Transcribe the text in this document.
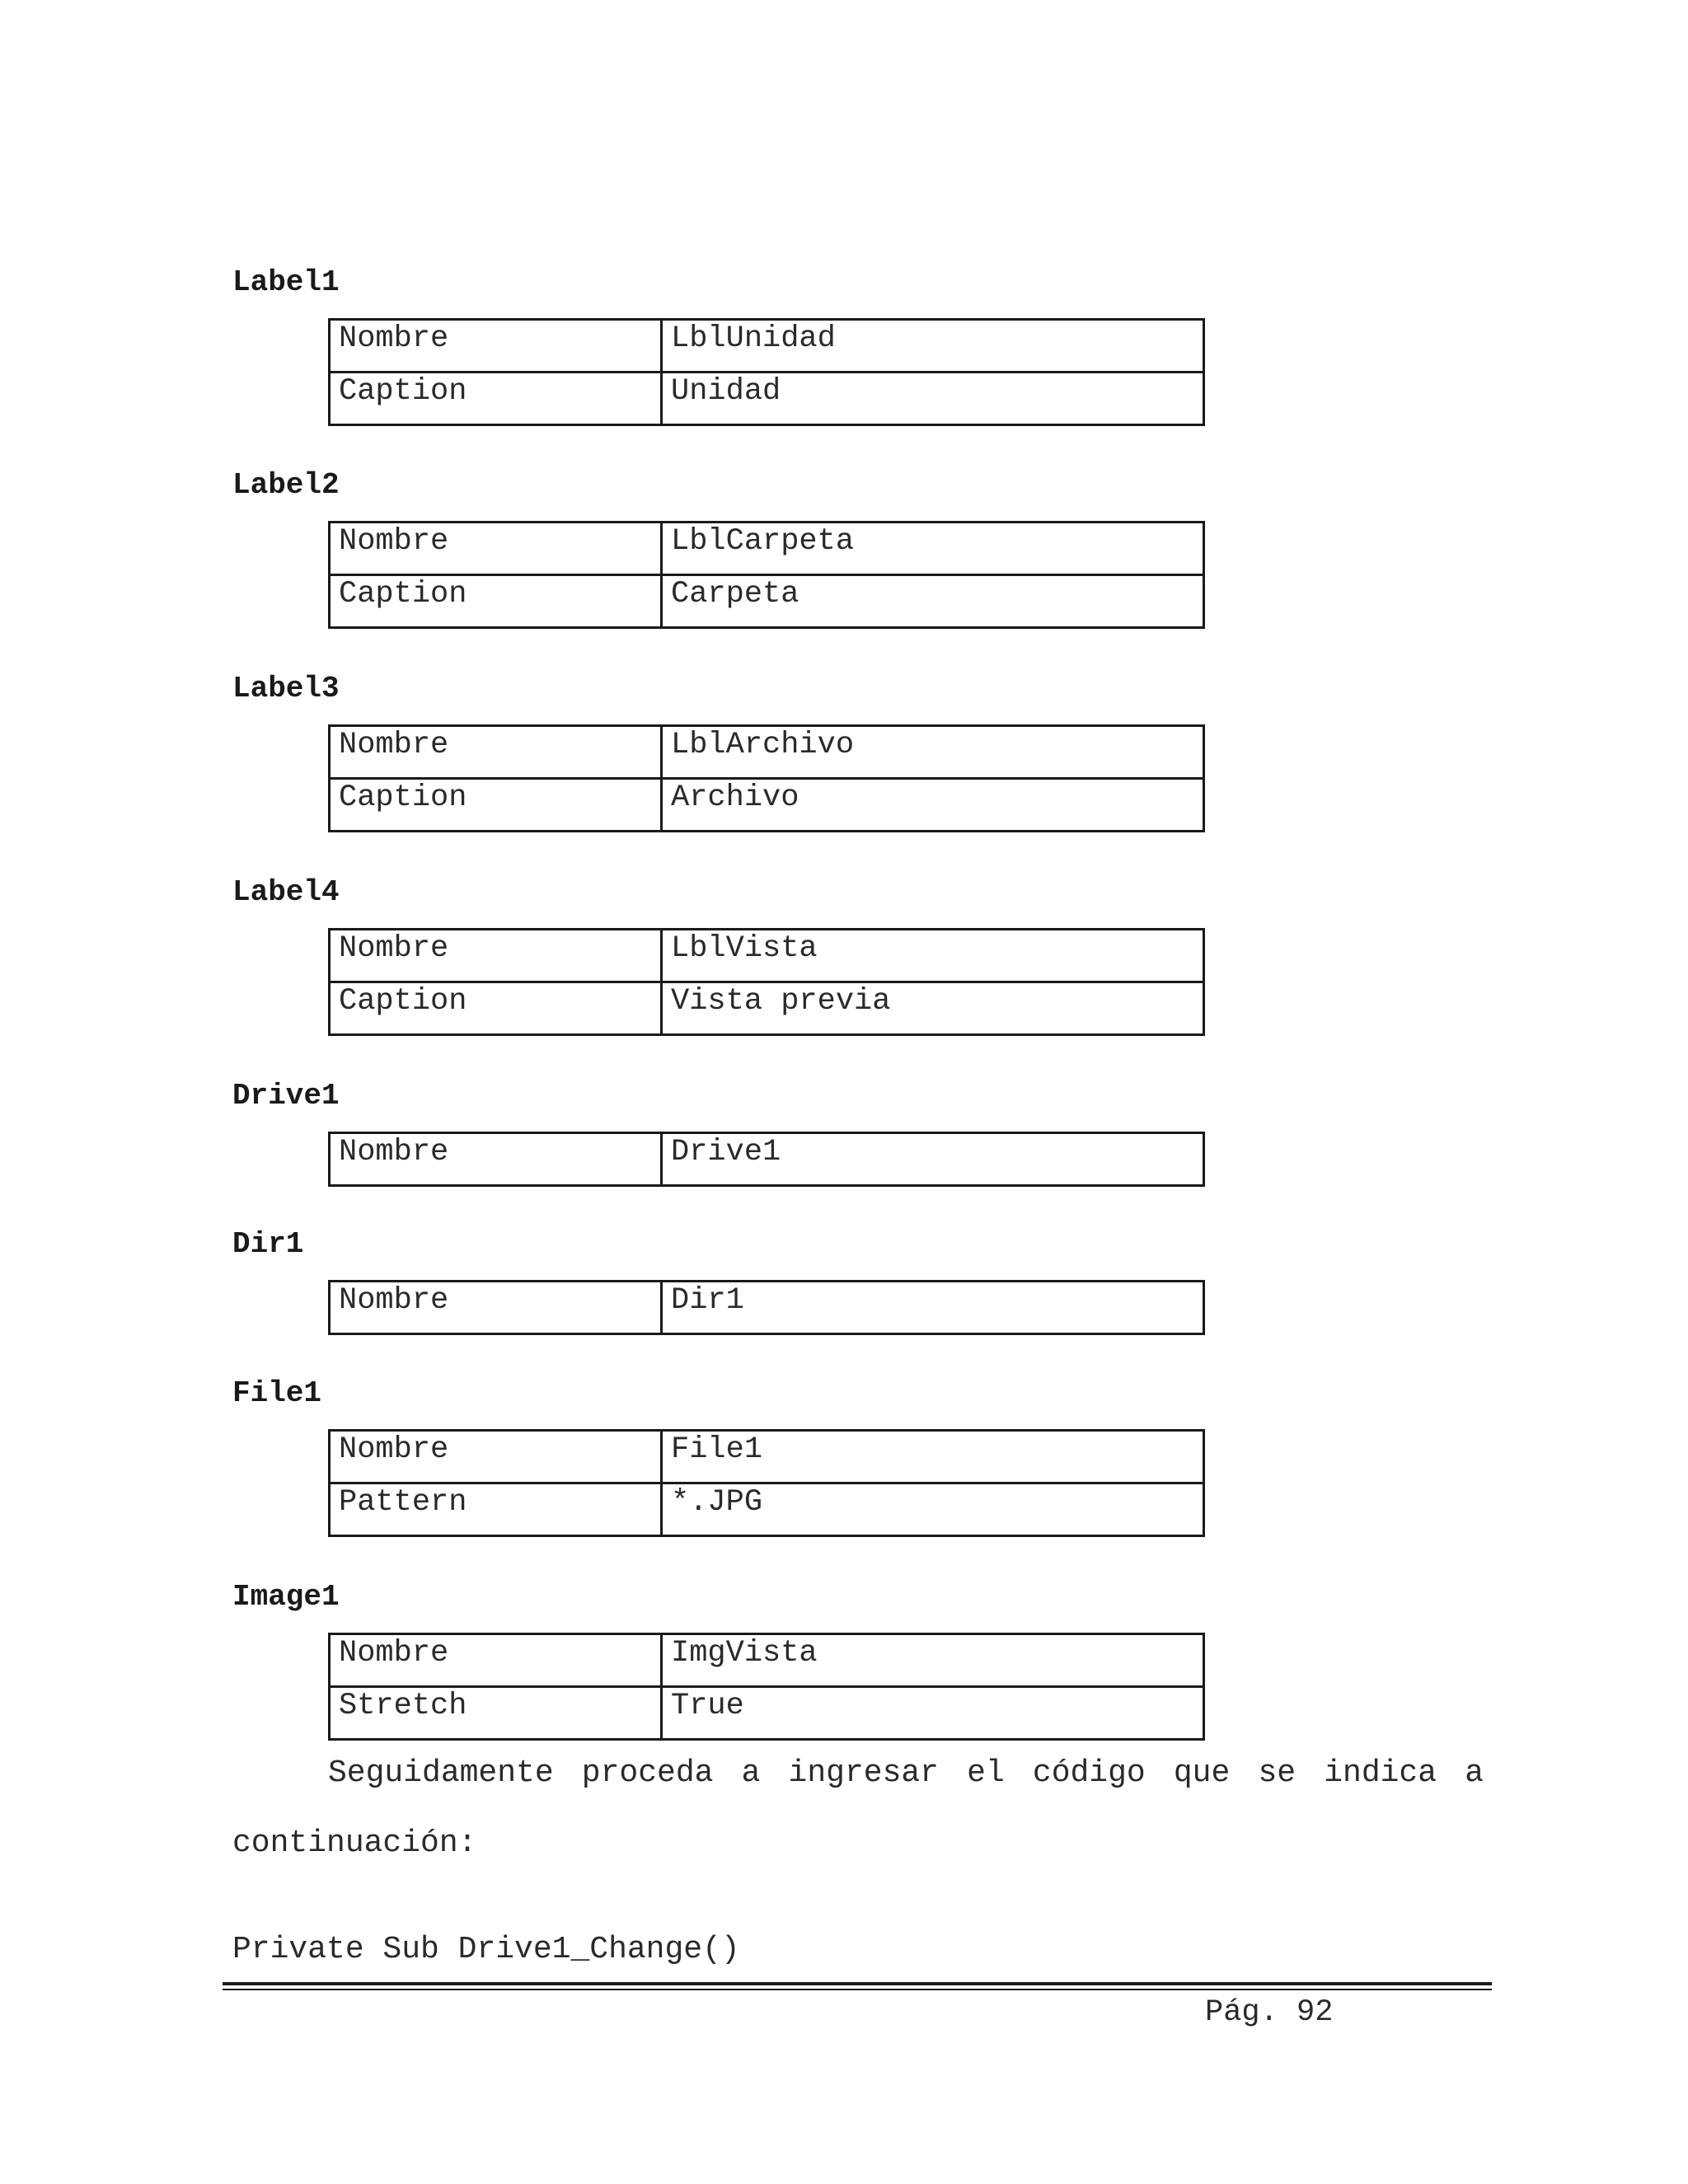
Label1
Nombre	LblUnidad
Caption	Unidad
Label2
Nombre	LblCarpeta
Caption	Carpeta
Label3
Nombre	LblArchivo
Caption	Archivo
Label4
Nombre	LblVista
Caption	Vista previa
Drive1
Nombre	Drive1
Dir1
Nombre	Dir1
File1
Nombre	File1
Pattern	*.JPG
Image1
Nombre	ImgVista
Stretch	True
Seguidamente proceda a ingresar el código que se indica a
continuación:
Private Sub Drive1_Change()
Pág. 92
